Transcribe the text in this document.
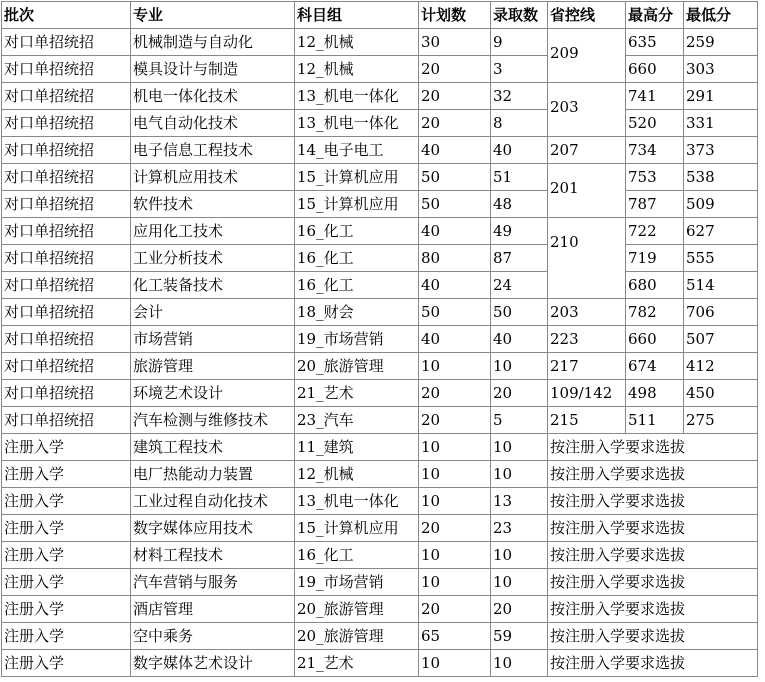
批次	专业	科目组	计划数	录取数	省控线	最高分	最低分
对口单招统招	机械制造与自动化	12_机械	30	9	209	635	259
对口单招统招	模具设计与制造	12_机械	20	3		660	303
对口单招统招	机电一体化技术	13_机电一体化	20	32	203	741	291
对口单招统招	电气自动化技术	13_机电一体化	20	8		520	331
对口单招统招	电子信息工程技术	14_电子电工	40	40	207	734	373
对口单招统招	计算机应用技术	15_计算机应用	50	51	201	753	538
对口单招统招	软件技术	15_计算机应用	50	48		787	509
对口单招统招	应用化工技术	16_化工	40	49	210	722	627
对口单招统招	工业分析技术	16_化工	80	87		719	555
对口单招统招	化工装备技术	16_化工	40	24		680	514
对口单招统招	会计	18_财会	50	50	203	782	706
对口单招统招	市场营销	19_市场营销	40	40	223	660	507
对口单招统招	旅游管理	20_旅游管理	10	10	217	674	412
对口单招统招	环境艺术设计	21_艺术	20	20	109/142	498	450
对口单招统招	汽车检测与维修技术	23_汽车	20	5	215	511	275
注册入学	建筑工程技术	11_建筑	10	10	按注册入学要求选拔		
注册入学	电厂热能动力装置	12_机械	10	10	按注册入学要求选拔		
注册入学	工业过程自动化技术	13_机电一体化	10	13	按注册入学要求选拔		
注册入学	数字媒体应用技术	15_计算机应用	20	23	按注册入学要求选拔		
注册入学	材料工程技术	16_化工	10	10	按注册入学要求选拔		
注册入学	汽车营销与服务	19_市场营销	10	10	按注册入学要求选拔		
注册入学	酒店管理	20_旅游管理	20	20	按注册入学要求选拔		
注册入学	空中乘务	20_旅游管理	65	59	按注册入学要求选拔		
注册入学	数字媒体艺术设计	21_艺术	10	10	按注册入学要求选拔		
